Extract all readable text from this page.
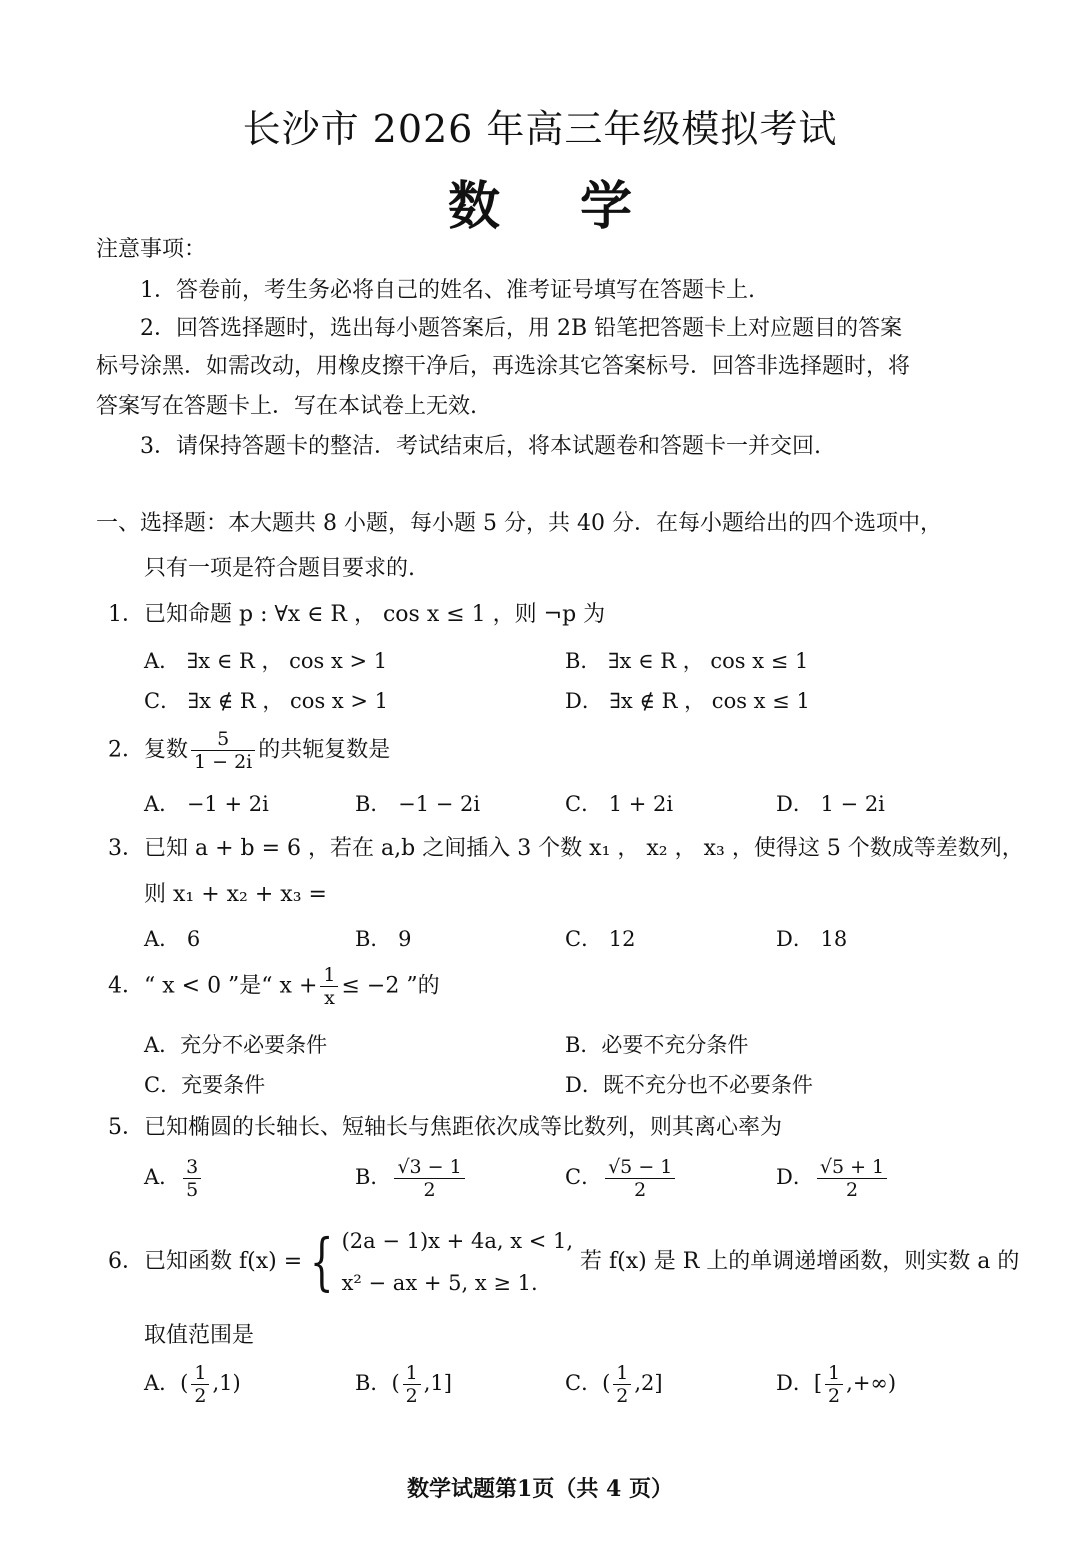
长沙市 2026 年高三年级模拟考试
数学
注意事项：
1．答卷前，考生务必将自己的姓名、准考证号填写在答题卡上.
2．回答选择题时，选出每小题答案后，用 2B 铅笔把答题卡上对应题目的答案
标号涂黑．如需改动，用橡皮擦干净后，再选涂其它答案标号．回答非选择题时，将
答案写在答题卡上．写在本试卷上无效.
3．请保持答题卡的整洁．考试结束后，将本试题卷和答题卡一并交回.
一、选择题：本大题共 8 小题，每小题 5 分，共 40 分．在每小题给出的四个选项中，
只有一项是符合题目要求的.
1．已知命题 p : ∀x ∈ R ， cos x ≤ 1 ，则 ¬p 为
A． ∃x ∈ R ， cos x > 1	B． ∃x ∈ R ， cos x ≤ 1
C． ∃x ∉ R ， cos x > 1	D． ∃x ∉ R ， cos x ≤ 1
2．复数 $\frac{5}{1 - 2i}$ 的共轭复数是
A． −1 + 2i	B． −1 − 2i	C． 1 + 2i	D． 1 − 2i
3．已知 a + b = 6 ，若在 a,b 之间插入 3 个数 x₁ ， x₂ ， x₃ ，使得这 5 个数成等差数列，
则 x₁ + x₂ + x₃ =
A． 6	B． 9	C． 12	D． 18
4．“ x < 0 ”是“ $x + \frac{1}{x} \le -2$ ”的
A．充分不必要条件	B．必要不充分条件
C．充要条件	D．既不充分也不必要条件
5．已知椭圆的长轴长、短轴长与焦距依次成等比数列，则其离心率为
A． $\frac{3}{5}$	B． $\frac{√3 - 1}{2}$	C． $\frac{√5 - 1}{2}$	D． $\frac{√5 + 1}{2}$
6．已知函数 f(x) = { (2a − 1)x + 4a, x < 1,
x² − ax + 5, x ≥ 1.
若 f(x) 是 R 上的单调递增函数，则实数 a 的
取值范围是
A．( $\frac{1}{2} ,1$)	B．( $\frac{1}{2} ,1$]	C．( $\frac{1}{2} ,2$]	D．[ $\frac{1}{2}$ ,+∞)
数学试题第1页（共 4 页）
